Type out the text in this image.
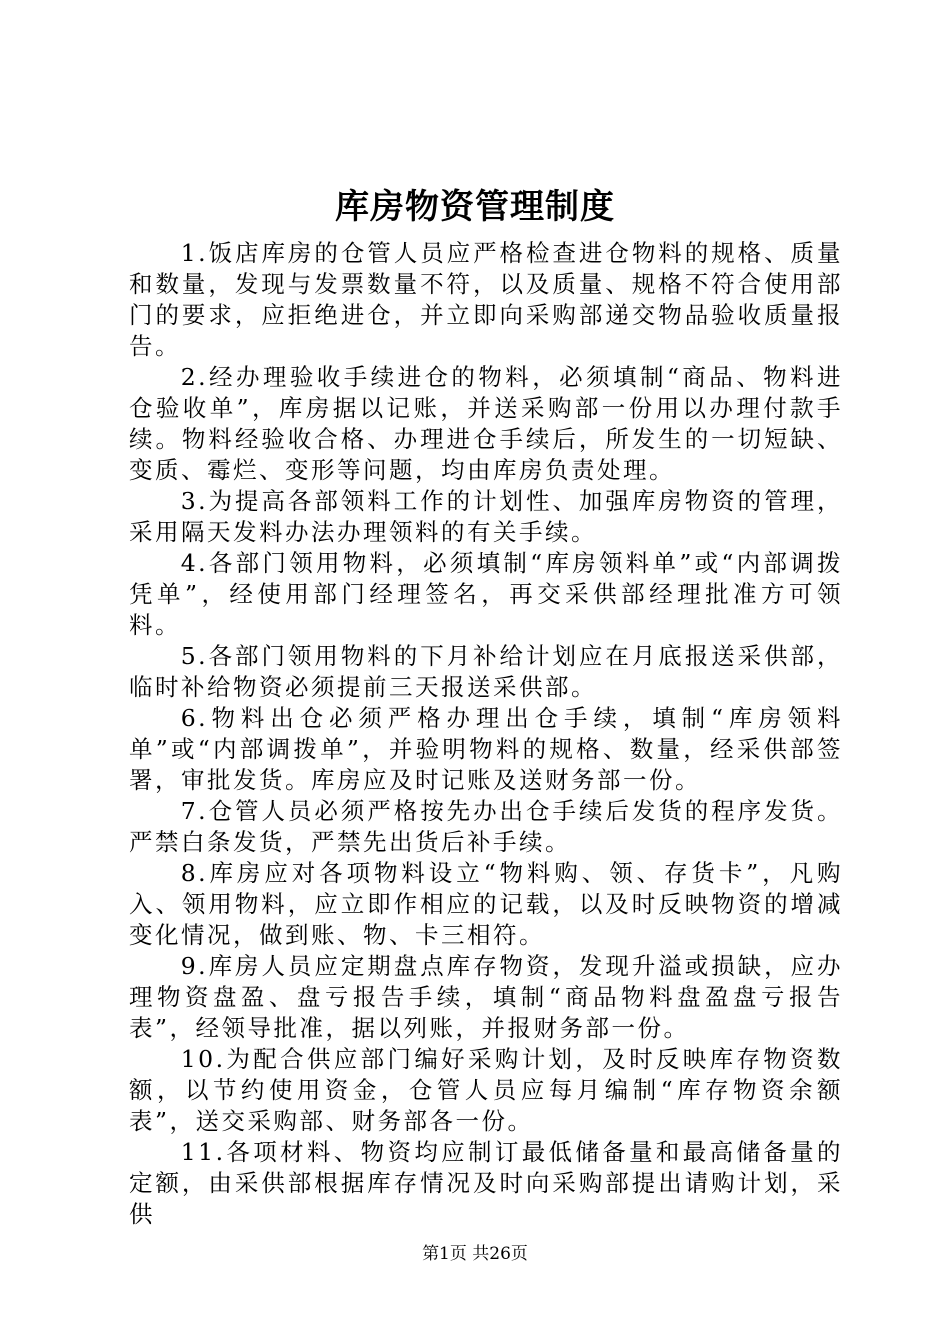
库房物资管理制度

1.饭店库房的仓管人员应严格检查进仓物料的规格、质量和数量，发现与发票数量不符，以及质量、规格不符合使用部门的要求，应拒绝进仓，并立即向采购部递交物品验收质量报告。

2.经办理验收手续进仓的物料，必须填制“商品、物料进仓验收单”，库房据以记账，并送采购部一份用以办理付款手续。物料经验收合格、办理进仓手续后，所发生的一切短缺、变质、霉烂、变形等问题，均由库房负责处理。

3.为提高各部领料工作的计划性、加强库房物资的管理，采用隔天发料办法办理领料的有关手续。

4.各部门领用物料，必须填制“库房领料单”或“内部调拨凭单”，经使用部门经理签名，再交采供部经理批准方可领料。

5.各部门领用物料的下月补给计划应在月底报送采供部，临时补给物资必须提前三天报送采供部。

6.物料出仓必须严格办理出仓手续，填制“库房领料单”或“内部调拨单”，并验明物料的规格、数量，经采供部签署，审批发货。库房应及时记账及送财务部一份。

7.仓管人员必须严格按先办出仓手续后发货的程序发货。严禁白条发货，严禁先出货后补手续。

8.库房应对各项物料设立“物料购、领、存货卡”，凡购入、领用物料，应立即作相应的记载，以及时反映物资的增减变化情况，做到账、物、卡三相符。

9.库房人员应定期盘点库存物资，发现升溢或损缺，应办理物资盘盈、盘亏报告手续，填制“商品物料盘盈盘亏报告表”，经领导批准，据以列账，并报财务部一份。

10.为配合供应部门编好采购计划，及时反映库存物资数额，以节约使用资金，仓管人员应每月编制“库存物资余额表”，送交采购部、财务部各一份。

11.各项材料、物资均应制订最低储备量和最高储备量的定额，由采供部根据库存情况及时向采购部提出请购计划，采供

第1页 共26页
